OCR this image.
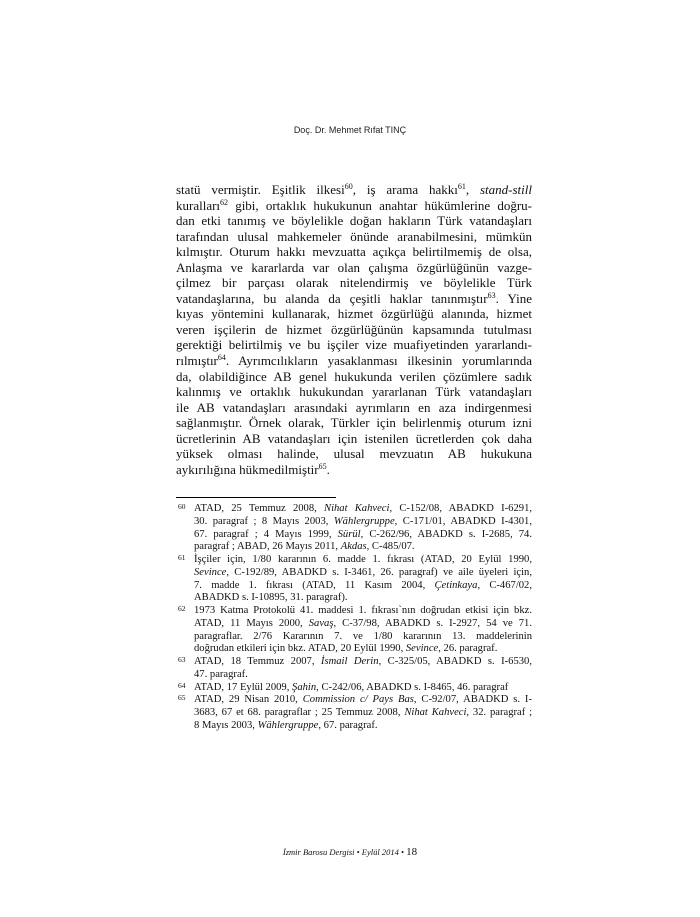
Doç. Dr. Mehmet Rıfat TINÇ
statü vermiştir. Eşitlik ilkesi$^{60}$, iş arama hakkı$^{61}$, stand-still
kuralları$^{62}$ gibi, ortaklık hukukunun anahtar hükümlerine doğru-
dan etki tanımış ve böylelikle doğan hakların Türk vatandaşları
tarafından ulusal mahkemeler önünde aranabilmesini, mümkün
kılmıştır. Oturum hakkı mevzuatta açıkça belirtilmemiş de olsa,
Anlaşma ve kararlarda var olan çalışma özgürlüğünün vazge-
çilmez bir parçası olarak nitelendirmiş ve böylelikle Türk
vatandaşlarına, bu alanda da çeşitli haklar tanınmıştır$^{63}$. Yine
kıyas yöntemini kullanarak, hizmet özgürlüğü alanında, hizmet
veren işçilerin de hizmet özgürlüğünün kapsamında tutulması
gerektiği belirtilmiş ve bu işçiler vize muafiyetinden yararlandı-
rılmıştır$^{64}$. Ayrımcılıkların yasaklanması ilkesinin yorumlarında
da, olabildiğince AB genel hukukunda verilen çözümlere sadık
kalınmış ve ortaklık hukukundan yararlanan Türk vatandaşları
ile AB vatandaşları arasındaki ayrımların en aza indirgenmesi
sağlanmıştır. Örnek olarak, Türkler için belirlenmiş oturum izni
ücretlerinin AB vatandaşları için istenilen ücretlerden çok daha
yüksek olması halinde, ulusal mevzuatın AB hukukuna
aykırılığına hükmedilmiştir$^{65}$.
60 ATAD, 25 Temmuz 2008, Nihat Kahveci, C-152/08, ABADKD I-6291,
30. paragraf ; 8 Mayıs 2003, Wählergruppe, C-171/01, ABADKD I-4301,
67. paragraf ; 4 Mayıs 1999, Sürül, C-262/96, ABADKD s. I-2685, 74.
paragraf ; ABAD, 26 Mayıs 2011, Akdas, C-485/07.
61 İşçiler için, 1/80 kararının 6. madde 1. fıkrası (ATAD, 20 Eylül 1990,
Sevince, C-192/89, ABADKD s. I-3461, 26. paragraf) ve aile üyeleri için,
7. madde 1. fıkrası (ATAD, 11 Kasım 2004, Çetinkaya, C-467/02,
ABADKD s. I-10895, 31. paragraf).
62 1973 Katma Protokolü 41. maddesi 1. fıkrası`nın doğrudan etkisi için bkz.
ATAD, 11 Mayıs 2000, Savaş, C-37/98, ABADKD s. I-2927, 54 ve 71.
paragraflar. 2/76 Kararının 7. ve 1/80 kararının 13. maddelerinin
doğrudan etkileri için bkz. ATAD, 20 Eylül 1990, Sevince, 26. paragraf.
63 ATAD, 18 Temmuz 2007, İsmail Derin, C-325/05, ABADKD s. I-6530,
47. paragraf.
64 ATAD, 17 Eylül 2009, Şahin, C-242/06, ABADKD s. I-8465, 46. paragraf
65 ATAD, 29 Nisan 2010, Commission c/ Pays Bas, C-92/07, ABADKD s. I-
3683, 67 et 68. paragraflar ; 25 Temmuz 2008, Nihat Kahveci, 32. paragraf ;
8 Mayıs 2003, Wählergruppe, 67. paragraf.
İzmir Barosu Dergisi • Eylül 2014 • 18
